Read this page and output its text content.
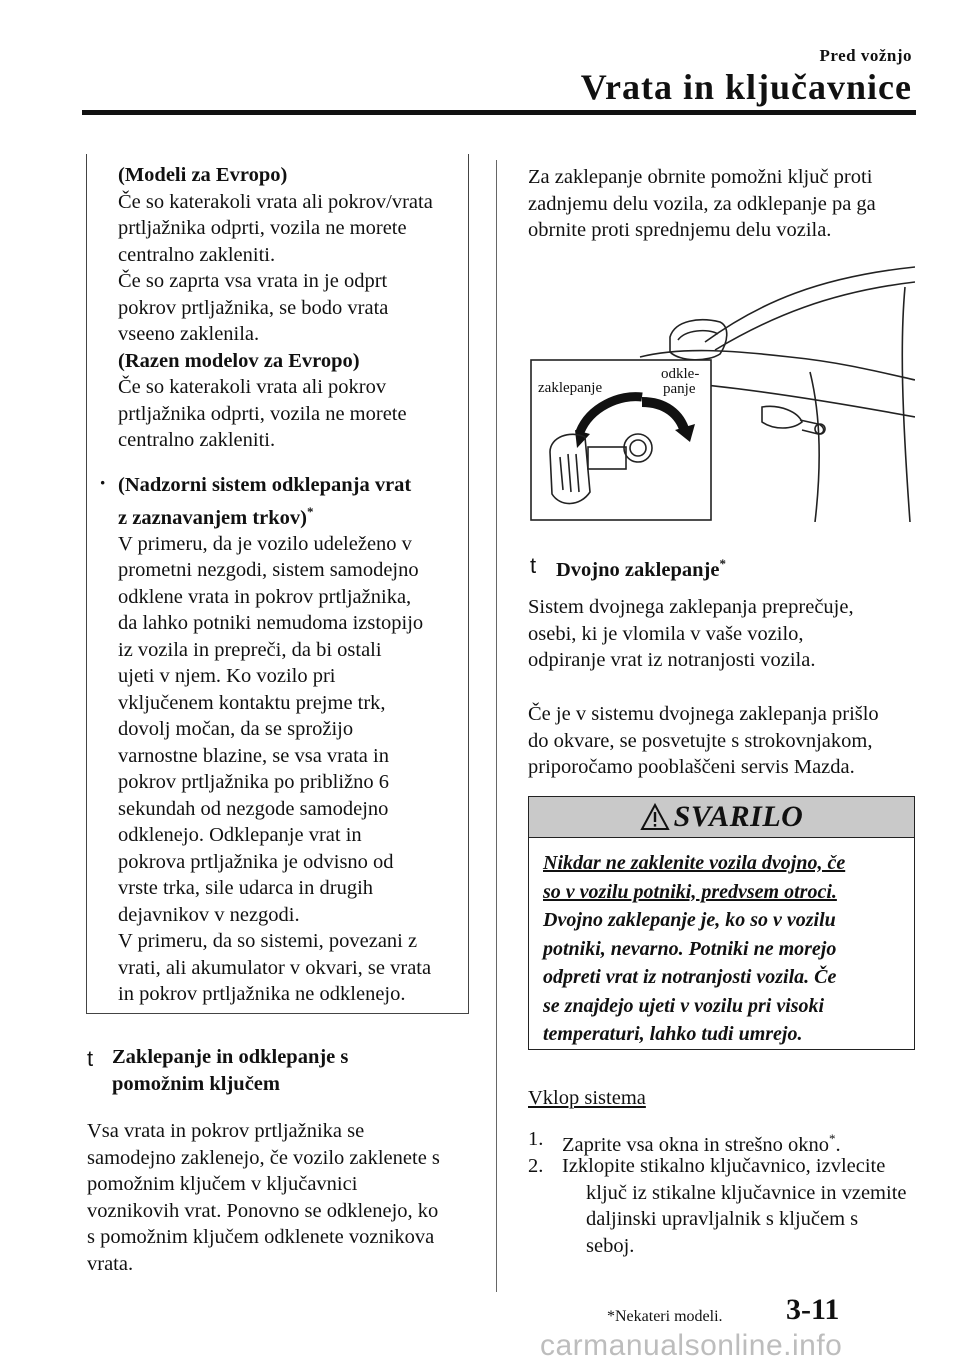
Pred vožnjo
Vrata in ključavnice
(Modeli za Evropo)
Če so katerakoli vrata ali pokrov/vrata
prtljažnika odprti, vozila ne morete
centralno zakleniti.
Če so zaprta vsa vrata in je odprt
pokrov prtljažnika, se bodo vrata
vseeno zaklenila.
(Razen modelov za Evropo)
Če so katerakoli vrata ali pokrov
prtljažnika odprti, vozila ne morete
centralno zakleniti.
· (Nadzorni sistem odklepanja vrat
z zaznavanjem trkov)*
V primeru, da je vozilo udeleženo v
prometni nezgodi, sistem samodejno
odklene vrata in pokrov prtljažnika,
da lahko potniki nemudoma izstopijo
iz vozila in prepreči, da bi ostali
ujeti v njem. Ko vozilo pri
vključenem kontaktu prejme trk,
dovolj močan, da se sprožijo
varnostne blazine, se vsa vrata in
pokrov prtljažnika po približno 6
sekundah od nezgode samodejno
odklenejo. Odklepanje vrat in
pokrova prtljažnika je odvisno od
vrste trka, sile udarca in drugih
dejavnikov v nezgodi.
V primeru, da so sistemi, povezani z
vrati, ali akumulator v okvari, se vrata
in pokrov prtljažnika ne odklenejo.
t Zaklepanje in odklepanje s
pomožnim ključem
Vsa vrata in pokrov prtljažnika se
samodejno zaklenejo, če vozilo zaklenete s
pomožnim ključem v ključavnici
voznikovih vrat. Ponovno se odklenejo, ko
s pomožnim ključem odklenete voznikova
vrata.
Za zaklepanje obrnite pomožni ključ proti
zadnjemu delu vozila, za odklepanje pa ga
obrnite proti sprednjemu delu vozila.
zaklepanje
odkle-
panje
t Dvojno zaklepanje*
Sistem dvojnega zaklepanja preprečuje,
osebi, ki je vlomila v vaše vozilo,
odpiranje vrat iz notranjosti vozila.
Če je v sistemu dvojnega zaklepanja prišlo
do okvare, se posvetujte s strokovnjakom,
priporočamo pooblaščeni servis Mazda.
SVARILO
Nikdar ne zaklenite vozila dvojno, če
so v vozilu potniki, predvsem otroci.
Dvojno zaklepanje je, ko so v vozilu
potniki, nevarno. Potniki ne morejo
odpreti vrat iz notranjosti vozila. Če
se znajdejo ujeti v vozilu pri visoki
temperaturi, lahko tudi umrejo.
Vklop sistema
1. Zaprite vsa okna in strešno okno*.
2. Izklopite stikalno ključavnico, izvlecite
ključ iz stikalne ključavnice in vzemite
daljinski upravljalnik s ključem s
seboj.
*Nekateri modeli. 3-11
carmanualsonline.info
